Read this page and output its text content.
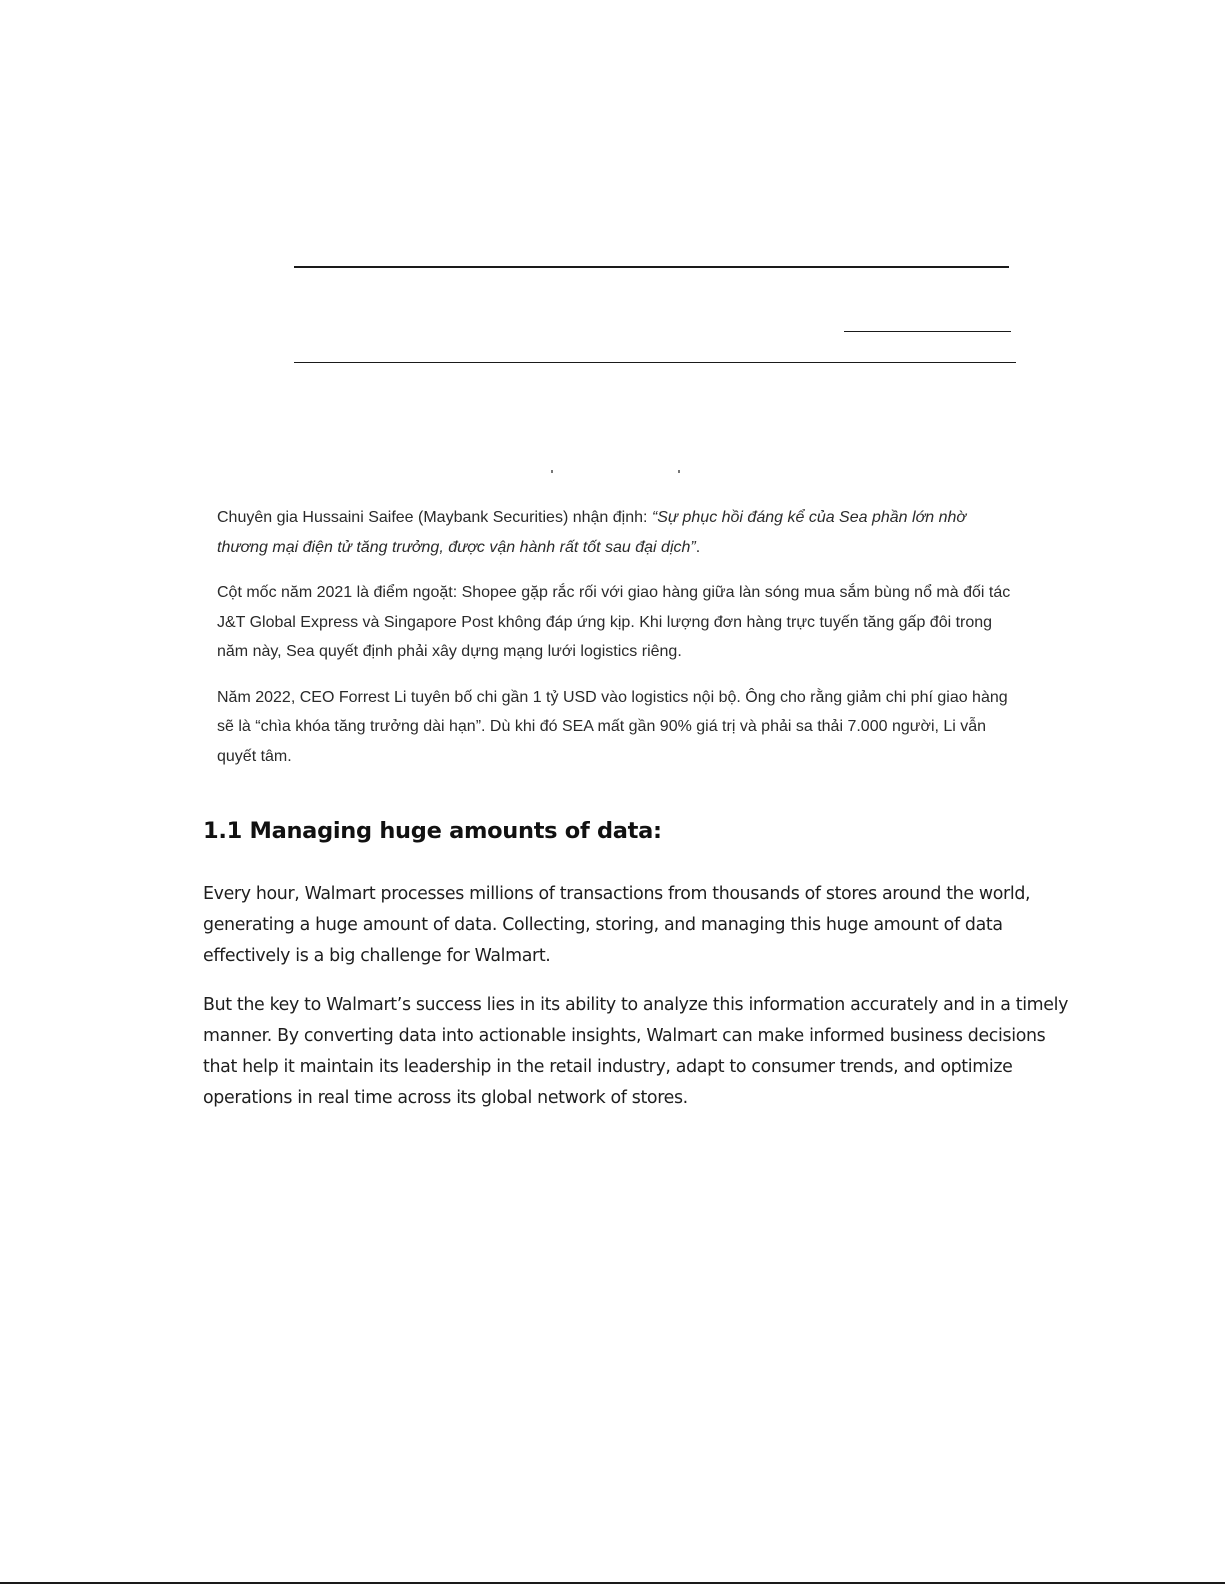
Chuyên gia Hussaini Saifee (Maybank Securities) nhận định: “Sự phục hồi đáng kể của Sea phần lớn nhờ thương mại điện tử tăng trưởng, được vận hành rất tốt sau đại dịch”.

Cột mốc năm 2021 là điểm ngoặt: Shopee gặp rắc rối với giao hàng giữa làn sóng mua sắm bùng nổ mà đối tác J&T Global Express và Singapore Post không đáp ứng kịp. Khi lượng đơn hàng trực tuyến tăng gấp đôi trong năm này, Sea quyết định phải xây dựng mạng lưới logistics riêng.

Năm 2022, CEO Forrest Li tuyên bố chi gần 1 tỷ USD vào logistics nội bộ. Ông cho rằng giảm chi phí giao hàng sẽ là “chìa khóa tăng trưởng dài hạn”. Dù khi đó SEA mất gần 90% giá trị và phải sa thải 7.000 người, Li vẫn quyết tâm.

1.1 Managing huge amounts of data:

Every hour, Walmart processes millions of transactions from thousands of stores around the world, generating a huge amount of data. Collecting, storing, and managing this huge amount of data effectively is a big challenge for Walmart.

But the key to Walmart’s success lies in its ability to analyze this information accurately and in a timely manner. By converting data into actionable insights, Walmart can make informed business decisions that help it maintain its leadership in the retail industry, adapt to consumer trends, and optimize operations in real time across its global network of stores.
